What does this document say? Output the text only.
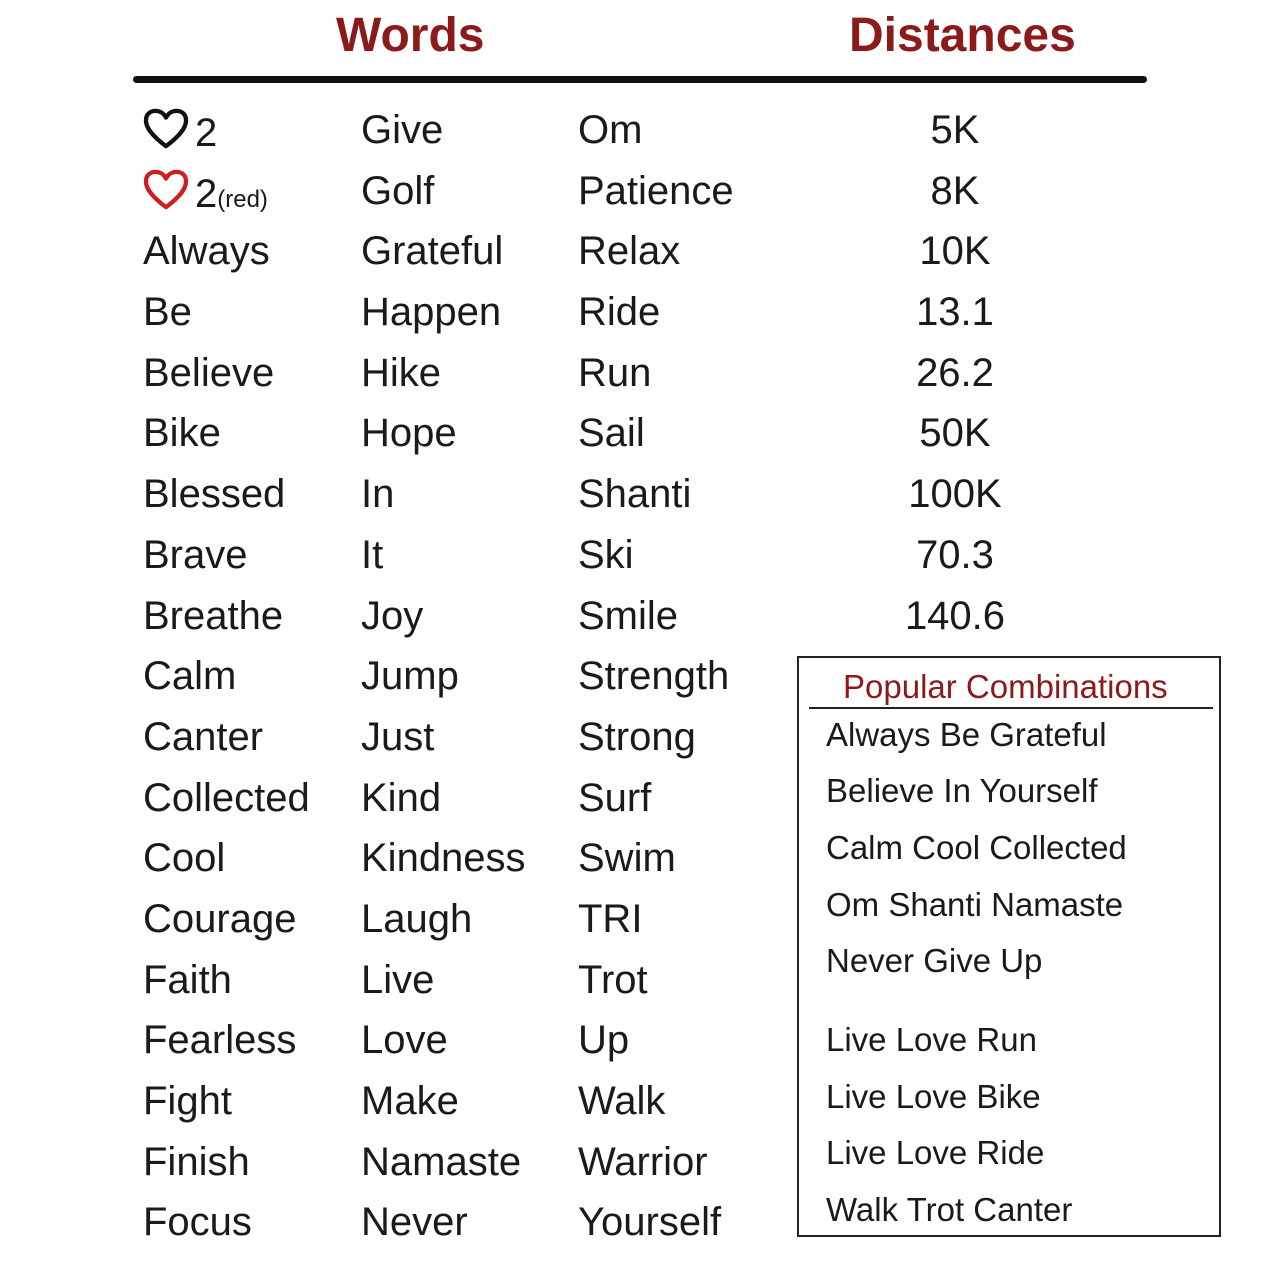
Words	Distances
2
2(red)
Always
Be
Believe
Bike
Blessed
Brave
Breathe
Calm
Canter
Collected
Cool
Courage
Faith
Fearless
Fight
Finish
Focus
Give
Golf
Grateful
Happen
Hike
Hope
In
It
Joy
Jump
Just
Kind
Kindness
Laugh
Live
Love
Make
Namaste
Never
Om
Patience
Relax
Ride
Run
Sail
Shanti
Ski
Smile
Strength
Strong
Surf
Swim
TRI
Trot
Up
Walk
Warrior
Yourself
5K
8K
10K
13.1
26.2
50K
100K
70.3
140.6
Popular Combinations
Always Be Grateful
Believe In Yourself
Calm Cool Collected
Om Shanti Namaste
Never Give Up
Live Love Run
Live Love Bike
Live Love Ride
Walk Trot Canter
